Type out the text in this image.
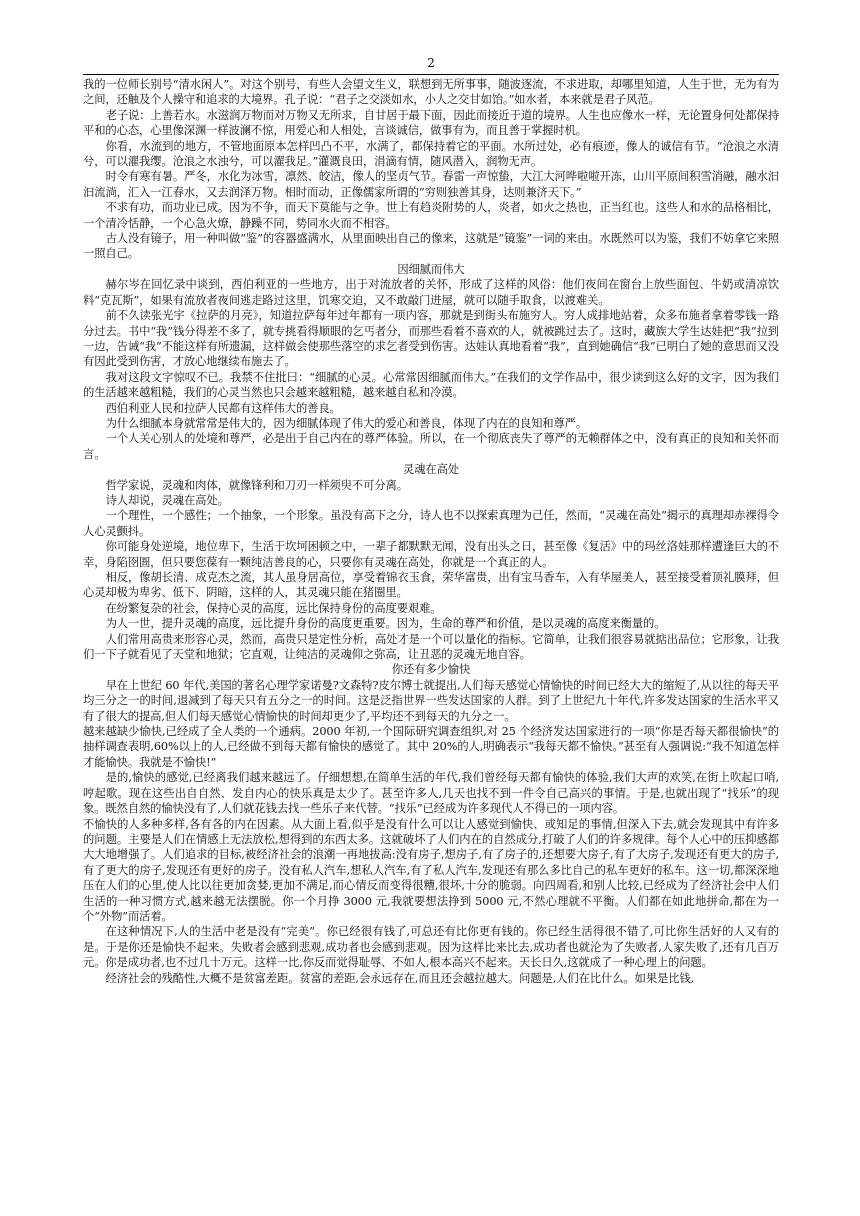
2

我的一位师长别号“清水闲人”。对这个别号，有些人会望文生义，联想到无所事事，随波逐流，不求进取，却哪里知道，人生于世，无为有为之间，还触及个人操守和追求的大境界。孔子说：“君子之交淡如水，小人之交甘如饴。”如水者，本来就是君子风范。

老子说：上善若水。水滋润万物而对万物又无所求，自甘居于最下面，因此而接近于道的境界。人生也应像水一样，无论置身何处都保持平和的心态，心里像深渊一样波澜不惊，用爱心和人相处，言谈诚信，做事有为，而且善于掌握时机。

你看，水流到的地方，不管地面原本怎样凹凸不平，水满了，都保持着它的平面。水所过处，必有痕迹，像人的诚信有节。“沧浪之水清兮，可以濯我缨。沧浪之水浊兮，可以濯我足。”灌溉良田，涓滴有情，随风潜入，润物无声。

时令有寒有暑。严冬，水化为冰雪，凛然、皎洁，像人的坚贞气节。春雷一声惊蛰，大江大河哗啦啦开冻，山川平原间积雪消融，融水汩汩流淌，汇入一江春水，又去润泽万物。相时而动，正像儒家所谓的“穷则独善其身，达则兼济天下。”

不求有功，而功业已成。因为不争，而天下莫能与之争。世上有趋炎附势的人，炎者，如火之热也，正当红也。这些人和水的品格相比，一个清冷恬静，一个心急火燎，静躁不同，势同水火而不相容。

古人没有镜子，用一种叫做“鉴”的容器盛满水，从里面映出自己的像来，这就是“镜鉴”一词的来由。水既然可以为鉴，我们不妨拿它来照一照自己。

因细腻而伟大

赫尔岑在回忆录中谈到，西伯利亚的一些地方，出于对流放者的关怀，形成了这样的风俗：他们夜间在窗台上放些面包、牛奶或清凉饮料“克瓦斯”，如果有流放者夜间逃走路过这里，饥寒交迫，又不敢敲门进屋，就可以随手取食，以渡难关。

前不久读张光宇《拉萨的月亮》，知道拉萨每年过年都有一项内容，那就是到街头布施穷人。穷人成排地站着，众多布施者拿着零钱一路分过去。书中“我”钱分得差不多了，就专挑看得顺眼的乞丐者分，而那些看着不喜欢的人，就被跳过去了。这时，藏族大学生达娃把“我”拉到一边，告诫“我”不能这样有所遗漏，这样做会使那些落空的求乞者受到伤害。达娃认真地看着“我”，直到她确信“我”已明白了她的意思而又没有因此受到伤害，才放心地继续布施去了。

我对这段文字惊叹不已。我禁不住批曰：“细腻的心灵。心常常因细腻而伟大。”在我们的文学作品中，很少读到这么好的文字，因为我们的生活越来越粗糙，我们的心灵当然也只会越来越粗糙，越来越自私和冷漠。

西伯利亚人民和拉萨人民都有这样伟大的善良。

为什么细腻本身就常常是伟大的，因为细腻体现了伟大的爱心和善良，体现了内在的良知和尊严。

一个人关心别人的处境和尊严，必是出于自己内在的尊严体验。所以，在一个彻底丧失了尊严的无赖群体之中，没有真正的良知和关怀而言。

灵魂在高处

哲学家说，灵魂和肉体，就像锋利和刀刃一样须臾不可分离。

诗人却说，灵魂在高处。

一个理性，一个感性；一个抽象，一个形象。虽没有高下之分，诗人也不以探索真理为己任，然而，“灵魂在高处”揭示的真理却赤裸得令人心灵颤抖。

你可能身处逆境，地位卑下，生活于坎坷困顿之中，一辈子都默默无闻，没有出头之日，甚至像《复活》中的玛丝洛娃那样遭逢巨大的不幸，身陷囹圄，但只要您葆有一颗纯洁善良的心，只要你有灵魂在高处，你就是一个真正的人。

相反，像胡长清、成克杰之流，其人虽身居高位，享受着锦衣玉食，荣华富贵，出有宝马香车，入有华屋美人，甚至接受着顶礼膜拜，但心灵却极为卑劣、低下、阴暗，这样的人，其灵魂只能在猪圈里。

在纷繁复杂的社会，保持心灵的高度，远比保持身份的高度要艰难。

为人一世，提升灵魂的高度，远比提升身份的高度更重要。因为，生命的尊严和价值，是以灵魂的高度来衡量的。

人们常用高贵来形容心灵，然而，高贵只是定性分析，高处才是一个可以量化的指标。它简单，让我们很容易就掂出品位；它形象，让我们一下子就看见了天堂和地狱；它直观，让纯洁的灵魂仰之弥高，让丑恶的灵魂无地自容。

你还有多少愉快

早在上世纪 60 年代,美国的著名心理学家诺曼?文森特?皮尔博士就提出,人们每天感觉心情愉快的时间已经大大的缩短了,从以往的每天平均三分之一的时间,退减到了每天只有五分之一的时间。这是泛指世界一些发达国家的人群。到了上世纪九十年代,许多发达国家的生活水平又有了很大的提高,但人们每天感觉心情愉快的时间却更少了,平均还不到每天的九分之一。

越来越缺少愉快,已经成了全人类的一个通病。2000 年初,一个国际研究调查组织,对 25 个经济发达国家进行的一项“你是否每天都很愉快”的抽样调查表明,60%以上的人,已经做不到每天都有愉快的感觉了。其中 20%的人,明确表示“我每天都不愉快。”甚至有人强调说:“我不知道怎样才能愉快。我就是不愉快!”

是的,愉快的感觉,已经离我们越来越远了。仔细想想,在简单生活的年代,我们曾经每天都有愉快的体验,我们大声的欢笑,在街上吹起口哨,哼起歌。现在这些出自自然、发自内心的快乐真是太少了。甚至许多人,几天也找不到一件令自己高兴的事情。于是,也就出现了“找乐”的现象。既然自然的愉快没有了,人们就花钱去找一些乐子来代替。“找乐”已经成为许多现代人不得已的一项内容。

不愉快的人多种多样,各有各的内在因素。从大面上看,似乎是没有什么可以让人感觉到愉快、或知足的事情,但深入下去,就会发现其中有许多的问题。主要是人们在情感上无法放松,想得到的东西太多。这就破坏了人们内在的自然成分,打破了人们的许多规律。每个人心中的压抑感都大大地增强了。人们追求的目标,被经济社会的浪潮一再地拔高:没有房子,想房子,有了房子的,还想要大房子,有了大房子,发现还有更大的房子,有了更大的房子,发现还有更好的房子。没有私人汽车,想私人汽车,有了私人汽车,发现还有那么多比自己的私车更好的私车。这一切,都深深地压在人们的心里,使人比以往更加贪婪,更加不满足,而心情反而变得很糟,很坏,十分的脆弱。向四周看,和别人比较,已经成为了经济社会中人们生活的一种习惯方式,越来越无法摆脱。你一个月挣 3000 元,我就要想法挣到 5000 元,不然心理就不平衡。人们都在如此地拼命,都在为一个“外物”而活着。

在这种情况下,人的生活中老是没有“完美”。你已经很有钱了,可总还有比你更有钱的。你已经生活得很不错了,可比你生活好的人又有的是。于是你还是愉快不起来。失败者会感到悲观,成功者也会感到悲观。因为这样比来比去,成功者也就沦为了失败者,人家失败了,还有几百万元。你是成功者,也不过几十万元。这样一比,你反而觉得耻辱、不如人,根本高兴不起来。天长日久,这就成了一种心理上的问题。

经济社会的残酷性,大概不是贫富差距。贫富的差距,会永远存在,而且还会越拉越大。问题是,人们在比什么。如果是比钱,
